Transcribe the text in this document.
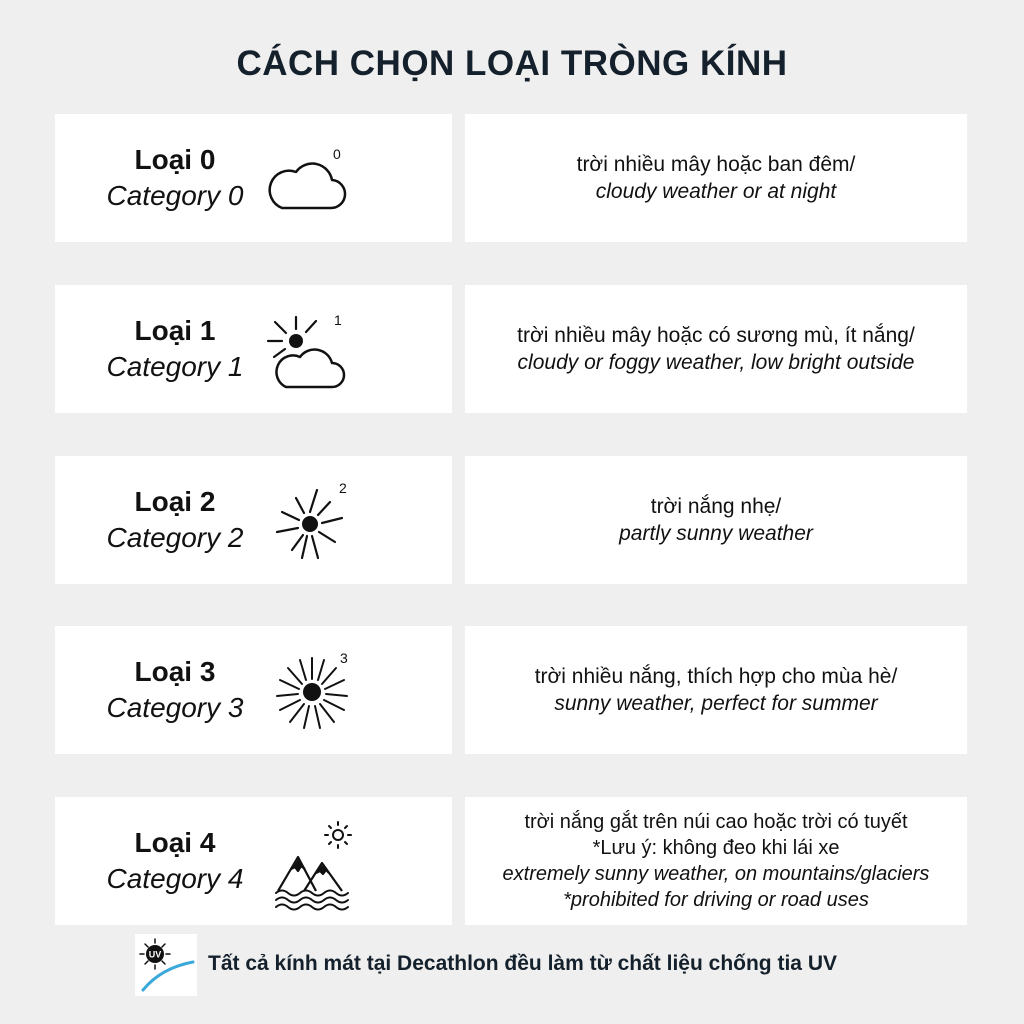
CÁCH CHỌN LOẠI TRÒNG KÍNH
Loại 0
Category 0
0	trời nhiều mây hoặc ban đêm/
cloudy weather or at night
Loại 1
Category 1
1
trời nhiều mây hoặc có sương mù, ít nắng/
cloudy or foggy weather, low bright outside
Loại 2
Category 2
2
trời nắng nhẹ/
partly sunny weather
Loại 3
Category 3
3
trời nhiều nắng, thích hợp cho mùa hè/
sunny weather, perfect for summer
Loại 4
Category 4
trời nắng gắt trên núi cao hoặc trời có tuyết
*Lưu ý: không đeo khi lái xe
extremely sunny weather, on mountains/glaciers
*prohibited for driving or road uses
UV Tất cả kính mát tại Decathlon đều làm từ chất liệu chống tia UV
